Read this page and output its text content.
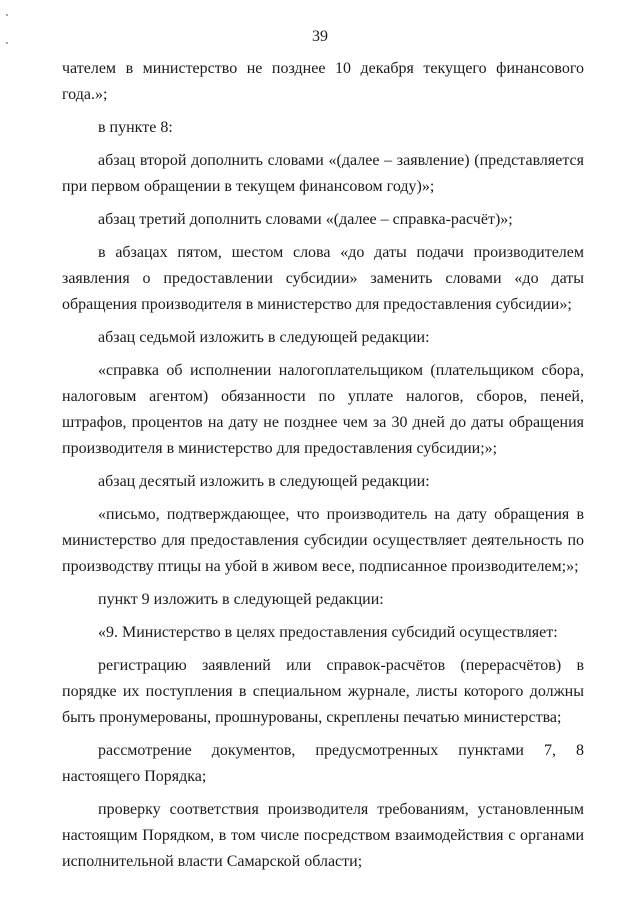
39

чателем в министерство не позднее 10 декабря текущего финансового года.»;

в пункте 8:

абзац второй дополнить словами «(далее – заявление) (представляется при первом обращении в текущем финансовом году)»;

абзац третий дополнить словами «(далее – справка-расчёт)»;

в абзацах пятом, шестом слова «до даты подачи производителем заявления о предоставлении субсидии» заменить словами «до даты обращения производителя в министерство для предоставления субсидии»;

абзац седьмой изложить в следующей редакции:

«справка об исполнении налогоплательщиком (плательщиком сбора, налоговым агентом) обязанности по уплате налогов, сборов, пеней, штрафов, процентов на дату не позднее чем за 30 дней до даты обращения производителя в министерство для предоставления субсидии;»;

абзац десятый изложить в следующей редакции:

«письмо, подтверждающее, что производитель на дату обращения в министерство для предоставления субсидии осуществляет деятельность по производству птицы на убой в живом весе, подписанное производителем;»;

пункт 9 изложить в следующей редакции:

«9. Министерство в целях предоставления субсидий осуществляет:

регистрацию заявлений или справок-расчётов (перерасчётов) в порядке их поступления в специальном журнале, листы которого должны быть пронумерованы, прошнурованы, скреплены печатью министерства;

рассмотрение документов, предусмотренных пунктами 7, 8 настоящего Порядка;

проверку соответствия производителя требованиям, установленным настоящим Порядком, в том числе посредством взаимодействия с органами исполнительной власти Самарской области;
